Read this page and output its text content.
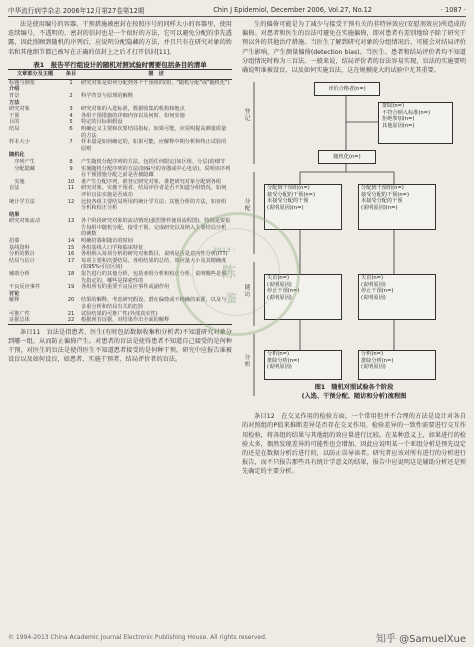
中华流行病学杂志 2006年12月第27卷第12期	Chin J Epidemiol, December 2006, Vol.27, No.12	· 1087 ·

法是使用编号的容器。干预措施被密封在按照序号的同样大小的容器里，使用连续编号，不透明的、密封的信封也是一个很好的方法，它可以避免分配的事先透露，因此照顾到随机的序列后，应说明分配隐藏的方法，并且只有在研究对象的姓名和其他细节都已被写在正确的信封上之后才打开信封[11]。

表1　报告平行组设计的随机对照试验时需要包括条目的清单
文章部分及主题	条目	描　述
标题与摘要	1	研究对象是如何分配到各个干预组的(如，"随机分配"或"随机化")
介绍		
背景	2	科学背景与原理的解释
方法		
研究对象	3	研究对象的入选标准，数据收集的机构和地点
干预	4	各组干预措施的详细内容以及何时、如何实施
目的	5	特定的目标和假设
结局	6	明确定义主要和次要结局指标，如果可能，应说明提高测量质量的方法
样本大小	7	样本量是如何确定的，如果可能，应解释中期分析和终止试验的原则
随机化		
　序列产生	8	产生随机分配序列的方法，包括任何限定(如区组、分层)的细节
　分配隐藏	9	实施随机分配序列的方法(如编号的容器或中心电话)，说明该序列在干预措施分配之前是否被隐藏
　实施	10	谁产生分配序列，谁登记研究对象，谁把研究对象分配到各组
盲法	11	研究对象、实施干预者、结局评价者是否不知道分组情况，如何评价盲法实施是否成功
统计学方法	12	比较各组主要结局所用的统计学方法；其他分析的方法，如亚组分析和校正分析
结果		
研究对象流动	13	各个阶段研究对象的流动情况(强烈推荐使用流程图)，特别是要报告每组中随机分配、接受干预、完成研究以及纳入主要结局分析的例数
招募	14	明确招募和随访的时间
基线资料	15	各组基线人口学和临床特征
分析的数目	16	各组纳入每项分析的研究对象数目，说明是否是意向性分析(ITT)
结局与估计	17	每项主要和次要结局，各组结果的总结、效应量大小及其精确度(如95%可信区间)
辅助分析	18	报告进行的其他分析，包括亚组分析和校正分析，说明哪些是预先指定的，哪些是探索性的
不良反应事件	19	各组所有的重要不良反应事件或副作用
讨论		
解释	20	结果的解释，考虑研究假设、潜在偏倚或不精确的来源，以及与多重分析和结局有关的危险
可推广性	21	试验结果的可推广性(外部真实性)
证据总体	22	根据现有证据，对结果作出全面的解释

条目11　盲法是指患者、医生(有时包括数据收集和分析者)不知道研究对象分到哪一组，从而防止偏倚产生。对患者的盲法是使得患者不知道自己接受的是何种干预，对医生的盲法是使得医生不知道患者接受的是何种干预。研究中应报告谁被设盲以及如何设盲，如患者、实施干预者、结局评价者的盲法。

生的偏倚可能是为了减少与接受干预有关的非特异效应(安慰剂效应)所造成的偏倚。对患者和医生的盲法可避免在实施偏倚，即对患者有差别地给予除了研究干预以外的其他治疗措施。当医生了解到研究对象的分组情况后，可能会对结局评价产生影响，产生测量偏倚(detection bias)。当医生、患者和结局评价者均不知道分组情况时称为三盲法。一般来说，结局评价者的盲法容易实现，盲法的实施要明确说明谁被设盲，以及如何实施盲法，这在规模庞大的试验中尤其重要。

登记
分配
随访
分析
评价合格者(n=)
排除(n=)
不符合纳入标准(n=)
拒绝参加(n=)
其他原因(n=)
随机化(n=)
分配到干预组(n=)
接受分配的干预(n=)
未接受分配的干预
(说明原因)(n=)
分配到干预组(n=)
接受分配的干预(n=)
未接受分配的干预
(说明原因)(n=)
失访(n=)
(说明原因)
停止干预(n=)
(说明原因)
失访(n=)
(说明原因)
停止干预(n=)
(说明原因)
分析(n=)
排除分析(n=)
(说明原因)
分析(n=)
排除分析(n=)
(说明原因)
图1　随机对照试验各个阶段
(入选、干预分配、随访和分析)流程图

条目12　在交叉作用的检验方面，一个常用但并不合理的方法是设计对各自的对照组的P值来推断差异是否存在交叉作用。检验差异的一致性需要进行交互作用检验，将各组的结果与其他组的效应量进行比较。在某种意义上，如果进行的检验太多，偶然发现差异的可能性也会增加，因此应说明某一个亚组分析是预先设定的还是在数据分析后进行的，以防止误导读者。研究者应该对所有进行的分析进行报告，而不只报告那些具有统计学意义的结果，报告中应说明这是辅助分析还是预先确定的主要分析。

· 2013 ·
陈
鉴
© 1994-2013 China Academic Journal Electronic Publishing House. All rights reserved.	知乎 @SamuelXue
